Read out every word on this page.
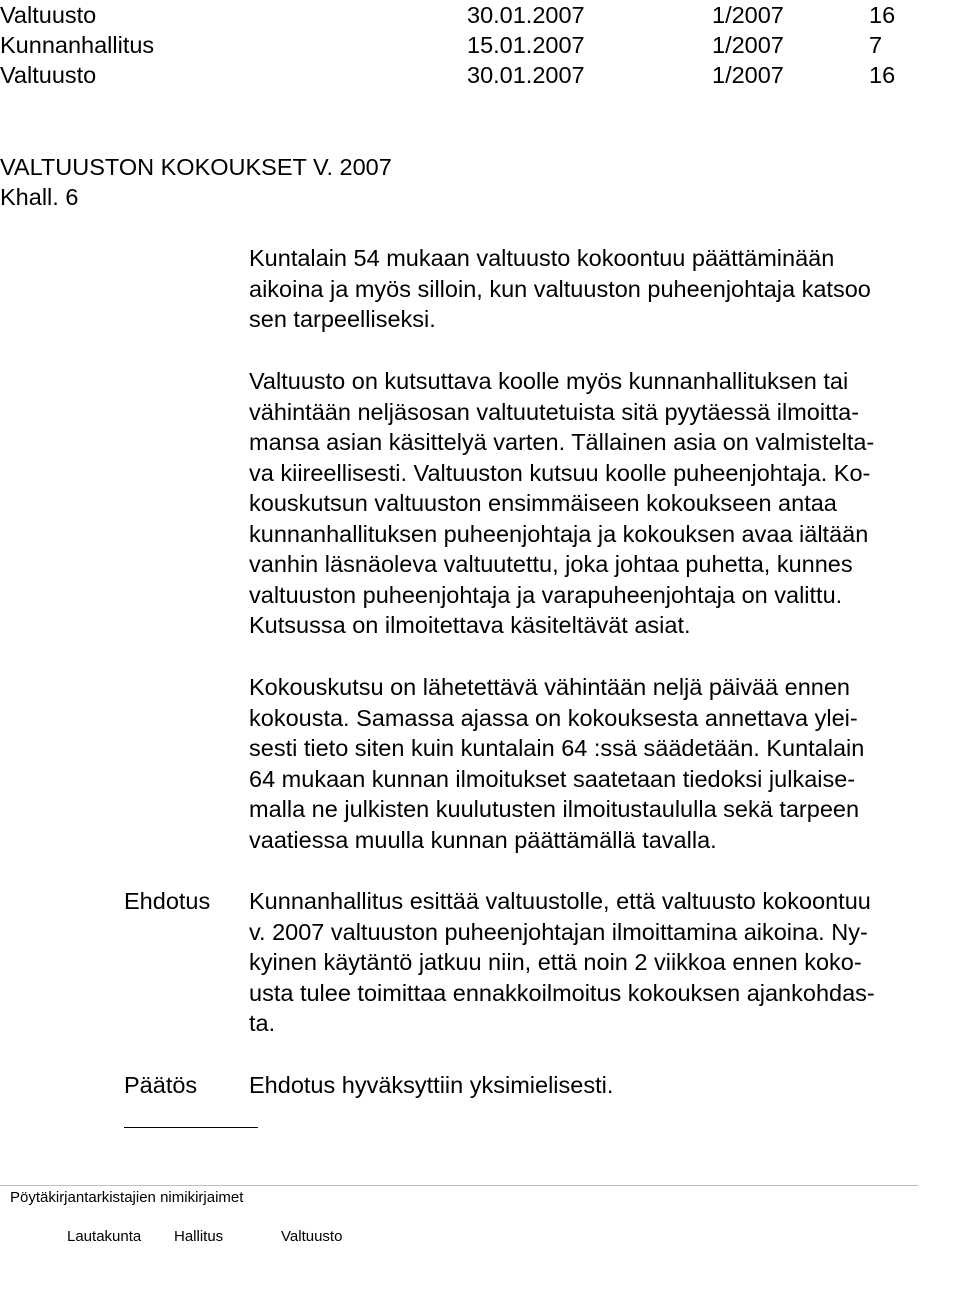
Valtuusto	30.01.2007	1/2007	16
Kunnanhallitus	15.01.2007	1/2007	7
Valtuusto	30.01.2007	1/2007	16
VALTUUSTON KOKOUKSET V. 2007
Khall. 6
Kuntalain 54 mukaan valtuusto kokoontuu päättäminään
aikoina ja myös silloin, kun valtuuston puheenjohtaja katsoo
sen tarpeelliseksi.
Valtuusto on kutsuttava koolle myös kunnanhallituksen tai
vähintään neljäsosan valtuutetuista sitä pyytäessä ilmoitta-
mansa asian käsittelyä varten. Tällainen asia on valmistelta-
va kiireellisesti. Valtuuston kutsuu koolle puheenjohtaja. Ko-
kouskutsun valtuuston ensimmäiseen kokoukseen antaa
kunnanhallituksen puheenjohtaja ja kokouksen avaa iältään
vanhin läsnäoleva valtuutettu, joka johtaa puhetta, kunnes
valtuuston puheenjohtaja ja varapuheenjohtaja on valittu.
Kutsussa on ilmoitettava käsiteltävät asiat.
Kokouskutsu on lähetettävä vähintään neljä päivää ennen
kokousta. Samassa ajassa on kokouksesta annettava ylei-
sesti tieto siten kuin kuntalain 64 :ssä säädetään. Kuntalain
64 mukaan kunnan ilmoitukset saatetaan tiedoksi julkaise-
malla ne julkisten kuulutusten ilmoitustaululla sekä tarpeen
vaatiessa muulla kunnan päättämällä tavalla.
Ehdotus Kunnanhallitus esittää valtuustolle, että valtuusto kokoontuu
v. 2007 valtuuston puheenjohtajan ilmoittamina aikoina. Ny-
kyinen käytäntö jatkuu niin, että noin 2 viikkoa ennen koko-
usta tulee toimittaa ennakkoilmoitus kokouksen ajankohdas-
ta.
Päätös Ehdotus hyväksyttiin yksimielisesti.
Pöytäkirjantarkistajien nimikirjaimet
Lautakunta Hallitus	Valtuusto
